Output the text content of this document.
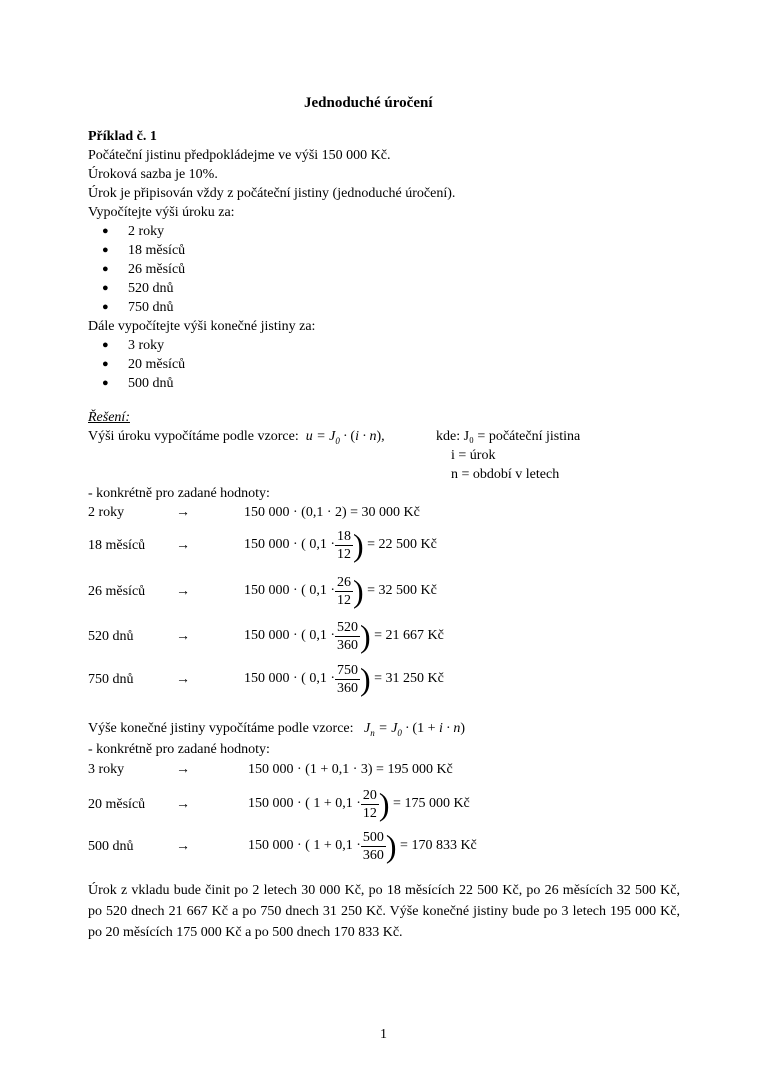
Jednoduché úročení
Příklad č. 1
Počáteční jistinu předpokládejme ve výši 150 000 Kč.
Úroková sazba je 10%.
Úrok je připisován vždy z počáteční jistiny (jednoduché úročení).
Vypočítejte výši úroku za:
● 2 roky
● 18 měsíců
● 26 měsíců
● 520 dnů
● 750 dnů
Dále vypočítejte výši konečné jistiny za:
● 3 roky
● 20 měsíců
● 500 dnů
Řešení:
Výši úroku vypočítáme podle vzorce:  $u = J_0 \cdot (i \cdot n)$,	kde: J₀ = počáteční jistina
i = úrok
n = období v letech
- konkrétně pro zadané hodnoty:
2 roky	→	150 000 · (0,1 · 2) = 30 000 Kč
18 měsíců →	150 000 · ( $0,1 \cdot \frac{18}{12}$ )
= 22 500 Kč
26 měsíců →	150 000 · ( $0,1 \cdot \frac{26}{12}$ )
= 32 500 Kč
520 dnů	→	150 000 · ( $0,1 \cdot \frac{520}{360}$ )
= 21 667 Kč
750 dnů	→	150 000 · ( $0,1 \cdot \frac{750}{360}$ )
= 31 250 Kč
Výše konečné jistiny vypočítáme podle vzorce:   $J_n = J_0 \cdot (1 + i \cdot n)$
- konkrétně pro zadané hodnoty:
3 roky	→	150 000 · (1 + 0,1 · 3) = 195 000 Kč
20 měsíců →	150 000 · ( $1 + 0,1 \cdot \frac{20}{12}$ )
= 175 000 Kč
500 dnů	→	150 000 · ( $1 + 0,1 \cdot \frac{500}{360}$ )
= 170 833 Kč
Úrok z vkladu bude činit po 2 letech 30 000 Kč, po 18 měsících 22 500 Kč, po 26 měsících 32 500 Kč, po 520 dnech 21 667 Kč a po 750 dnech 31 250 Kč. Výše konečné jistiny bude po 3 letech 195 000 Kč, po 20 měsících 175 000 Kč a po 500 dnech 170 833 Kč.
1
